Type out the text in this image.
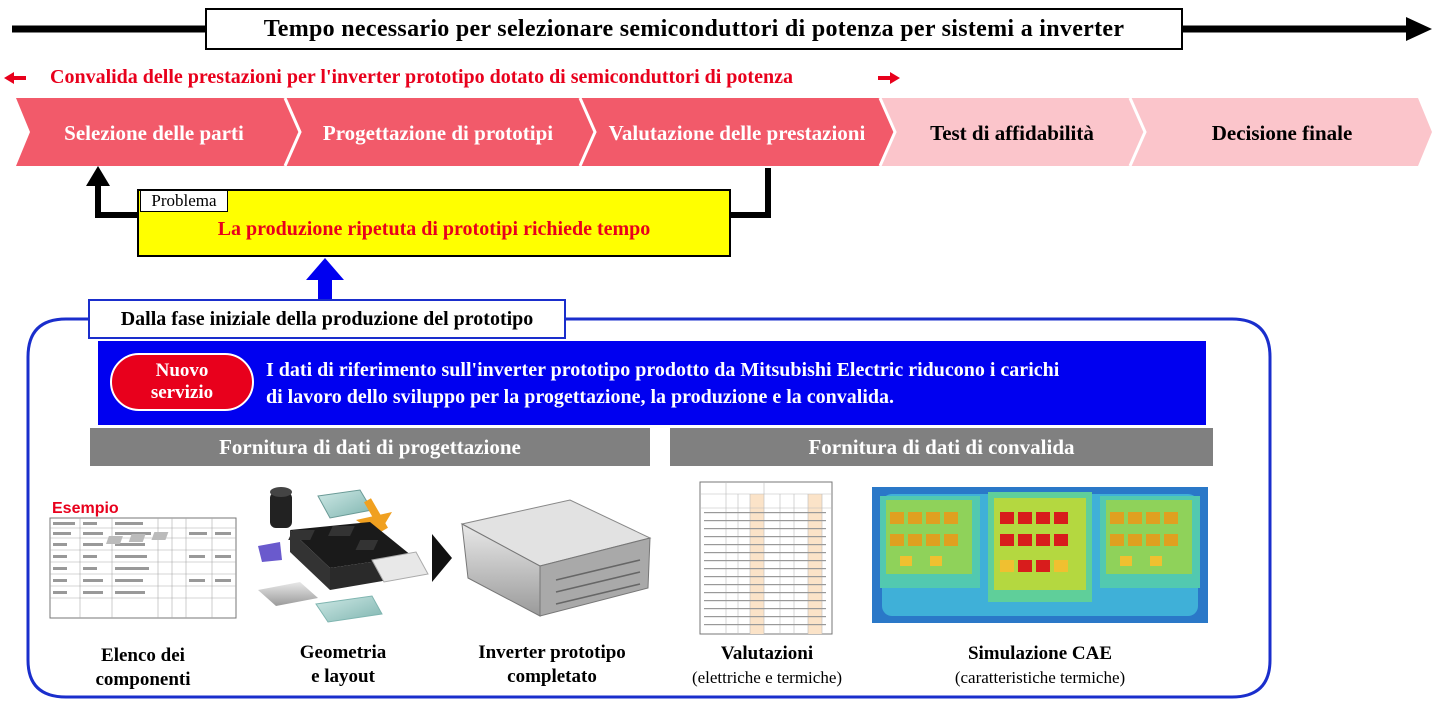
Tempo necessario per selezionare semiconduttori di potenza per sistemi a inverter
Convalida delle prestazioni per l'inverter prototipo dotato di semiconduttori di potenza
Selezione delle parti	Progettazione di prototipi	Valutazione delle prestazioni	Test di affidabilità	Decisione finale
Problema
La produzione ripetuta di prototipi richiede tempo
Dalla fase iniziale della produzione del prototipo
Nuovo
servizio
I dati di riferimento sull'inverter prototipo prodotto da Mitsubishi Electric riducono i carichi
di lavoro dello sviluppo per la progettazione, la produzione e la convalida.
Fornitura di dati di progettazione	Fornitura di dati di convalida
Esempio
Elenco dei
componenti
Geometria
e layout
Inverter prototipo
completato
Valutazioni
(elettriche e termiche)
Simulazione CAE
(caratteristiche termiche)
